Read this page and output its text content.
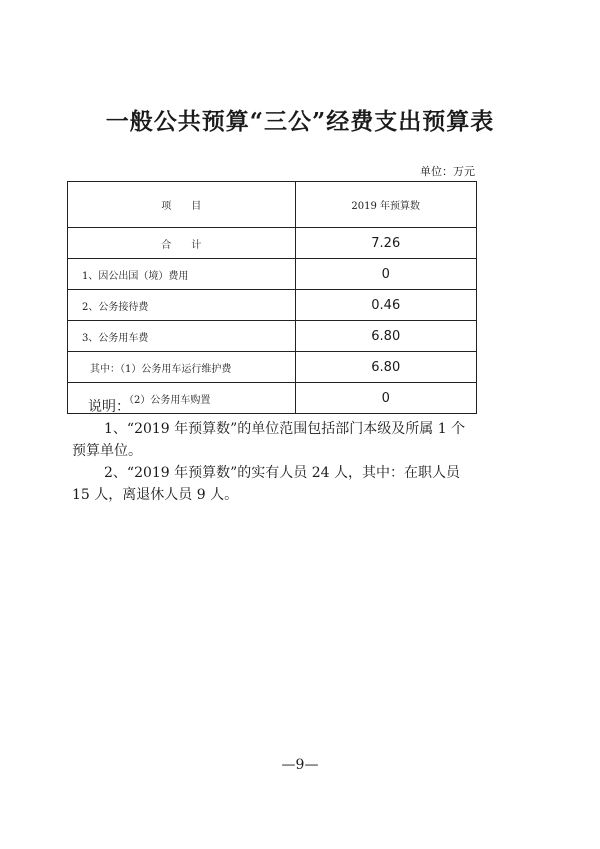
一般公共预算“三公”经费支出预算表
单位：万元
项　　目	2019 年预算数
合　　计	7.26
1、因公出国（境）费用	0
2、公务接待费	0.46
3、公务用车费	6.80
其中：（1）公务用车运行维护费	6.80
（2）公务用车购置	0

说明：

1、“2019 年预算数”的单位范围包括部门本级及所属 1 个预算单位。

2、“2019 年预算数”的实有人员 24 人，其中：在职人员 15 人，离退休人员 9 人。

—9—
